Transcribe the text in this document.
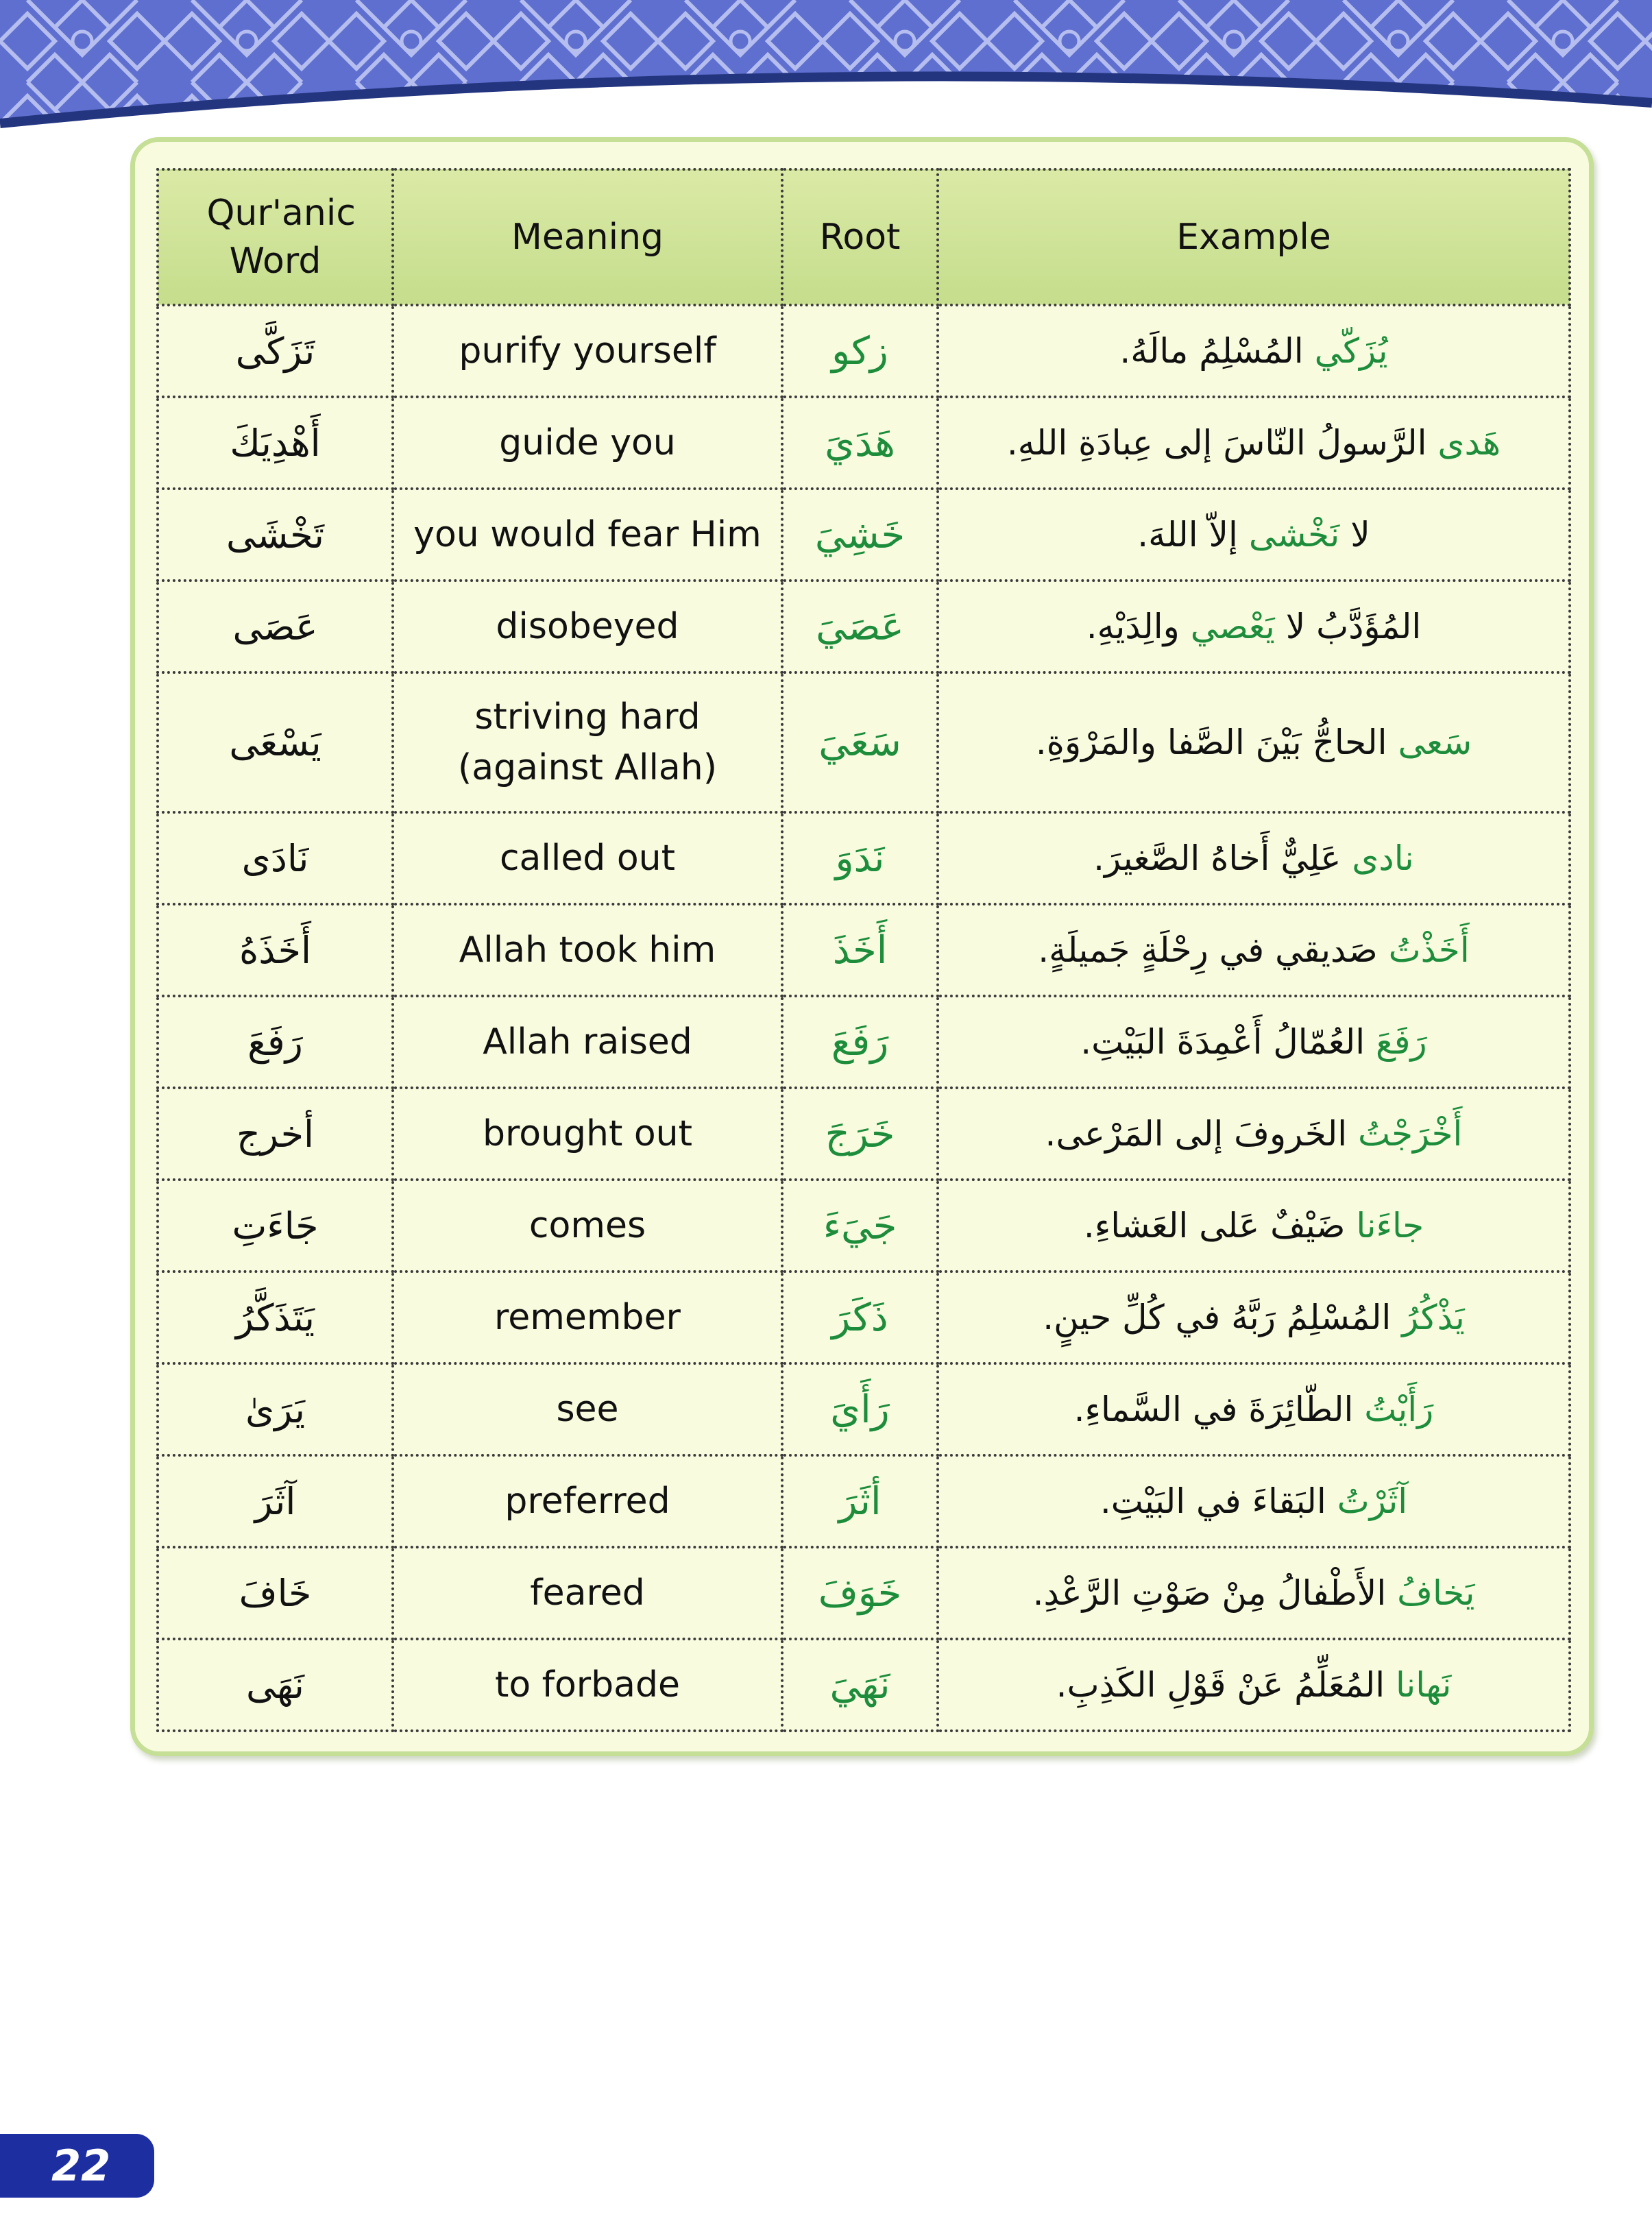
Qur'anic Word	Meaning	Root	Example
تَزَكَّى	purify yourself	زكو	يُزَكّي المُسْلِمُ مالَهُ.
أَهْدِيَكَ	guide you	هَدَيَ	هَدى الرَّسولُ النّاسَ إلى عِبادَةِ اللهِ.
تَخْشَى	you would fear Him	خَشِيَ	لا نَخْشى إلاّ اللهَ.
عَصَى	disobeyed	عَصَيَ	المُؤَدَّبُ لا يَعْصي والِدَيْهِ.
يَسْعَى	striving hard (against Allah)	سَعَيَ	سَعى الحاجُّ بَيْنَ الصَّفا والمَرْوَةِ.
نَادَى	called out	نَدَوَ	نادى عَلِيٌّ أَخاهُ الصَّغيرَ.
أَخَذَهُ	Allah took him	أَخَذَ	أَخَذْتُ صَديقي في رِحْلَةٍ جَميلَةٍ.
رَفَعَ	Allah raised	رَفَعَ	رَفَعَ العُمّالُ أَعْمِدَةَ البَيْتِ.
أخرج	brought out	خَرَجَ	أَخْرَجْتُ الخَروفَ إلى المَرْعى.
جَاءَتِ	comes	جَيَءَ	جاءَنا ضَيْفٌ عَلى العَشاءِ.
يَتَذَكَّرُ	remember	ذَكَرَ	يَذْكُرُ المُسْلِمُ رَبَّهُ في كُلِّ حينٍ.
يَرَىٰ	see	رَأَيَ	رَأَيْتُ الطّائِرَةَ في السَّماءِ.
آثَرَ	preferred	أثَرَ	آثَرْتُ البَقاءَ في البَيْتِ.
خَافَ	feared	خَوَفَ	يَخافُ الأَطْفالُ مِنْ صَوْتِ الرَّعْدِ.
نَهَى	to forbade	نَهَيَ	نَهانا المُعَلِّمُ عَنْ قَوْلِ الكَذِبِ.
22
